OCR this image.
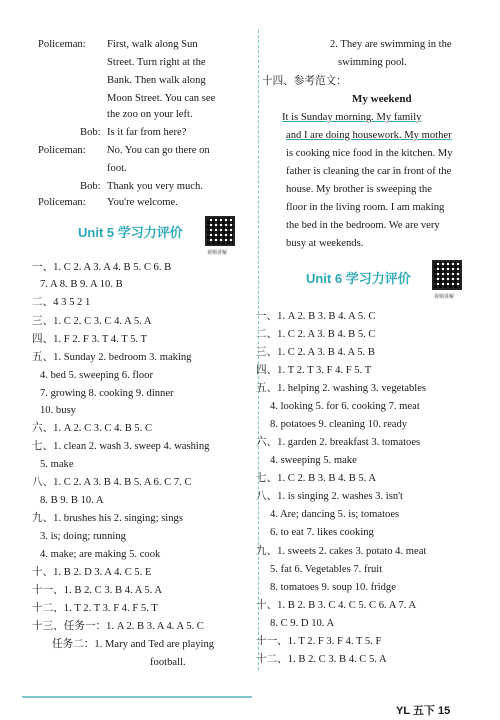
Policeman: First, walk along Sun
Street. Turn right at the
Bank. Then walk along
Moon Street. You can see
the zoo on your left.
Bob: Is it far from here?
Policeman: No. You can go there on
foot.
Bob: Thank you very much.
Policeman: You're welcome.
Unit 5 学习力评价
视频讲解
一、1. C 2. A 3. A 4. B 5. C 6. B
7. A 8. B 9. A 10. B
二、4 3 5 2 1
三、1. C 2. C 3. C 4. A 5. A
四、1. F 2. F 3. T 4. T 5. T
五、1. Sunday 2. bedroom 3. making
4. bed 5. sweeping 6. floor
7. growing 8. cooking 9. dinner
10. busy
六、1. A 2. C 3. C 4. B 5. C
七、1. clean 2. wash 3. sweep 4. washing
5. make
八、1. C 2. A 3. B 4. B 5. A 6. C 7. C
8. B 9. B 10. A
九、1. brushes his 2. singing; sings
3. is; doing; running
4. make; are making 5. cook
十、1. B 2. D 3. A 4. C 5. E
十一、1. B 2. C 3. B 4. A 5. A
十二、1. T 2. T 3. F 4. F 5. T
十三、任务一：1. A 2. B 3. A 4. A 5. C
任务二：1. Mary and Ted are playing
football.
2. They are swimming in the
swimming pool.
十四、参考范文：
My weekend
It is Sunday morning. My family
and I are doing housework. My mother
is cooking nice food in the kitchen. My
father is cleaning the car in front of the
house. My brother is sweeping the
floor in the living room. I am making
the bed in the bedroom. We are very
busy at weekends.
Unit 6 学习力评价
视频讲解
一、1. A 2. B 3. B 4. A 5. C
二、1. C 2. A 3. B 4. B 5. C
三、1. C 2. A 3. B 4. A 5. B
四、1. T 2. T 3. F 4. F 5. T
五、1. helping 2. washing 3. vegetables
4. looking 5. for 6. cooking 7. meat
8. potatoes 9. cleaning 10. ready
六、1. garden 2. breakfast 3. tomatoes
4. sweeping 5. make
七、1. C 2. B 3. B 4. B 5. A
八、1. is singing 2. washes 3. isn't
4. Are; dancing 5. is; tomatoes
6. to eat 7. likes cooking
九、1. sweets 2. cakes 3. potato 4. meat
5. fat 6. Vegetables 7. fruit
8. tomatoes 9. soup 10. fridge
十、1. B 2. B 3. C 4. C 5. C 6. A 7. A
8. C 9. D 10. A
十一、1. T 2. F 3. F 4. T 5. F
十二、1. B 2. C 3. B 4. C 5. A
YL 五下 15
